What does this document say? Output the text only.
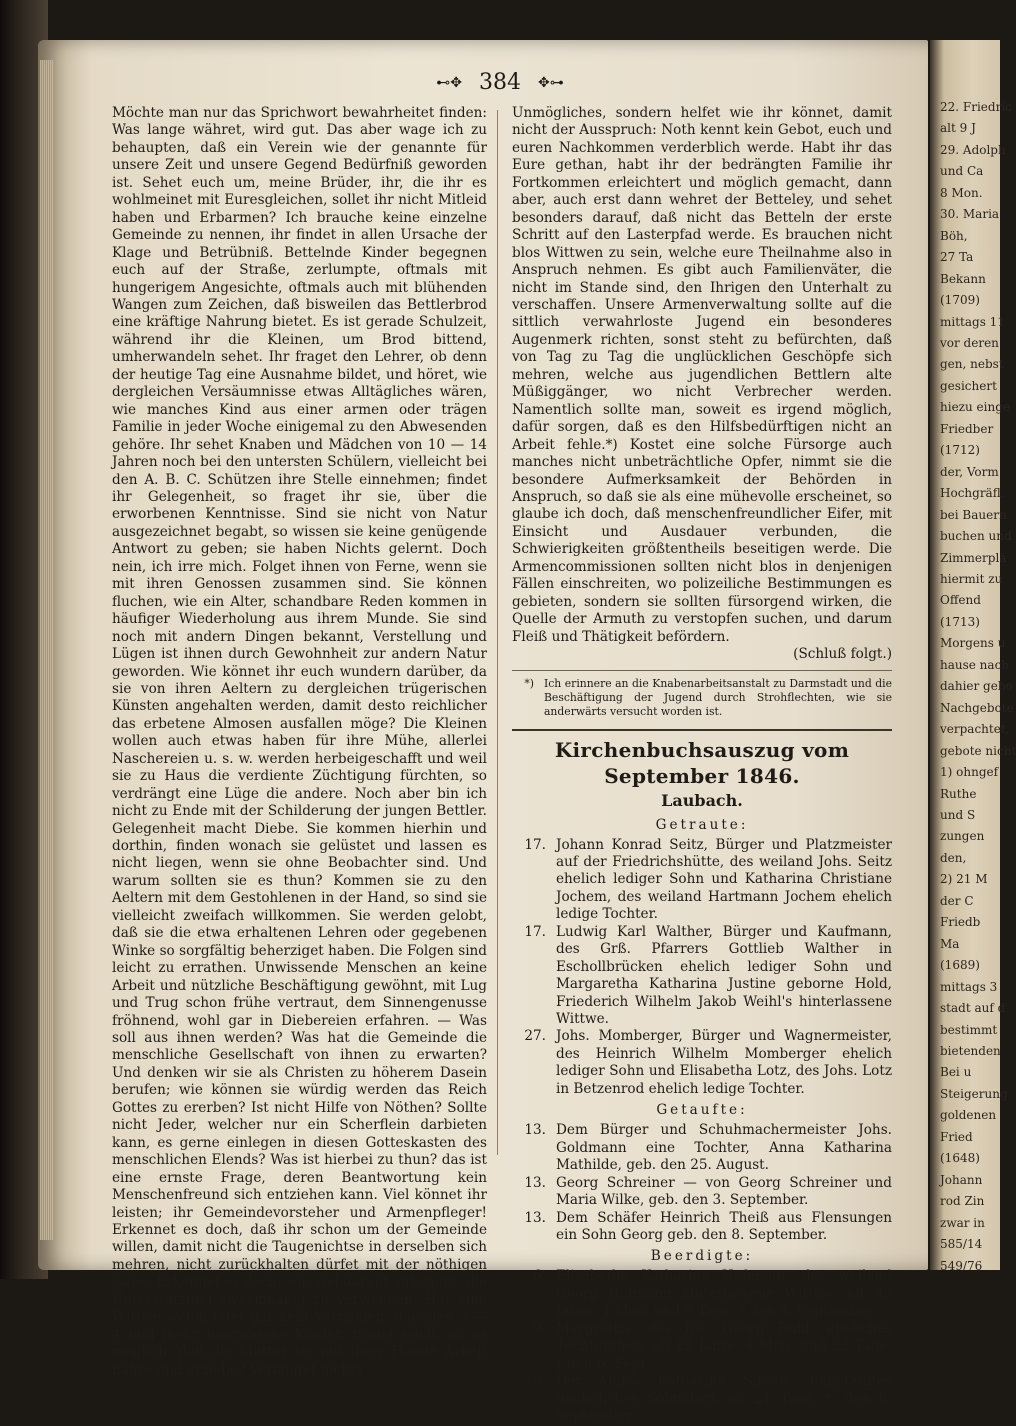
⊷✥ 384 ✥⊶

Möchte man nur das Sprichwort bewahrheitet finden: Was lange währet, wird gut. Das aber wage ich zu behaupten, daß ein Verein wie der genannte für unsere Zeit und unsere Gegend Bedürfniß geworden ist. Sehet euch um, meine Brüder, ihr, die ihr es wohlmeinet mit Euresgleichen, sollet ihr nicht Mitleid haben und Erbarmen? Ich brauche keine einzelne Gemeinde zu nennen, ihr findet in allen Ursache der Klage und Betrübniß. Bettelnde Kinder begegnen euch auf der Straße, zerlumpte, oftmals mit hungerigem Angesichte, oftmals auch mit blühenden Wangen zum Zeichen, daß bisweilen das Bettlerbrod eine kräftige Nahrung bietet. Es ist gerade Schulzeit, während ihr die Kleinen, um Brod bittend, umherwandeln sehet. Ihr fraget den Lehrer, ob denn der heutige Tag eine Ausnahme bildet, und höret, wie dergleichen Versäumnisse etwas Alltägliches wären, wie manches Kind aus einer armen oder trägen Familie in jeder Woche einigemal zu den Abwesenden gehöre. Ihr sehet Knaben und Mädchen von 10 — 14 Jahren noch bei den untersten Schülern, vielleicht bei den A. B. C. Schützen ihre Stelle einnehmen; findet ihr Gelegenheit, so fraget ihr sie, über die erworbenen Kenntnisse. Sind sie nicht von Natur ausgezeichnet begabt, so wissen sie keine genügende Antwort zu geben; sie haben Nichts gelernt. Doch nein, ich irre mich. Folget ihnen von Ferne, wenn sie mit ihren Genossen zusammen sind. Sie können fluchen, wie ein Alter, schandbare Reden kommen in häufiger Wiederholung aus ihrem Munde. Sie sind noch mit andern Dingen bekannt, Verstellung und Lügen ist ihnen durch Gewohnheit zur andern Natur geworden. Wie könnet ihr euch wundern darüber, da sie von ihren Aeltern zu dergleichen trügerischen Künsten angehalten werden, damit desto reichlicher das erbetene Almosen ausfallen möge? Die Kleinen wollen auch etwas haben für ihre Mühe, allerlei Naschereien u. s. w. werden herbeigeschafft und weil sie zu Haus die verdiente Züchtigung fürchten, so verdrängt eine Lüge die andere. Noch aber bin ich nicht zu Ende mit der Schilderung der jungen Bettler. Gelegenheit macht Diebe. Sie kommen hierhin und dorthin, finden wonach sie gelüstet und lassen es nicht liegen, wenn sie ohne Beobachter sind. Und warum sollten sie es thun? Kommen sie zu den Aeltern mit dem Gestohlenen in der Hand, so sind sie vielleicht zweifach willkommen. Sie werden gelobt, daß sie die etwa erhaltenen Lehren oder gegebenen Winke so sorgfältig beherziget haben. Die Folgen sind leicht zu errathen. Unwissende Menschen an keine Arbeit und nützliche Beschäftigung gewöhnt, mit Lug und Trug schon frühe vertraut, dem Sinnengenusse fröhnend, wohl gar in Diebereien erfahren. — Was soll aus ihnen werden? Was hat die Gemeinde die menschliche Gesellschaft von ihnen zu erwarten? Und denken wir sie als Christen zu höherem Dasein berufen; wie können sie würdig werden das Reich Gottes zu ererben? Ist nicht Hilfe von Nöthen? Sollte nicht Jeder, welcher nur ein Scherflein darbieten kann, es gerne einlegen in diesen Gotteskasten des menschlichen Elends? Was ist hierbei zu thun? das ist eine ernste Frage, deren Beantwortung kein Menschenfreund sich entziehen kann. Viel könnet ihr leisten; ihr Gemeindevorsteher und Armenpfleger! Erkennet es doch, daß ihr schon um der Gemeinde willen, damit nicht die Taugenichtse in derselben sich mehren, nicht zurückhalten dürfet mit der nöthigen Gabe. Erkennet es doch, wie viel darauf ankommt, die Unterstützung zweckmäßig zu verwenden. Hat eine Wittwe wenig oder gar kein Vermögen, dagegen 3 — 4 und mehr unerzogene Kinder, fraget euch, ist es möglich, daß die Mutter sie mit ihrer Hände Arbeit nähre und erziehe? Verlanget nichts

Unmögliches, sondern helfet wie ihr könnet, damit nicht der Ausspruch: Noth kennt kein Gebot, euch und euren Nachkommen verderblich werde. Habt ihr das Eure gethan, habt ihr der bedrängten Familie ihr Fortkommen erleichtert und möglich gemacht, dann aber, auch erst dann wehret der Betteley, und sehet besonders darauf, daß nicht das Betteln der erste Schritt auf den Lasterpfad werde. Es brauchen nicht blos Wittwen zu sein, welche eure Theilnahme also in Anspruch nehmen. Es gibt auch Familienväter, die nicht im Stande sind, den Ihrigen den Unterhalt zu verschaffen. Unsere Armenverwaltung sollte auf die sittlich verwahrloste Jugend ein besonderes Augenmerk richten, sonst steht zu befürchten, daß von Tag zu Tag die unglücklichen Geschöpfe sich mehren, welche aus jugendlichen Bettlern alte Müßiggänger, wo nicht Verbrecher werden. Namentlich sollte man, soweit es irgend möglich, dafür sorgen, daß es den Hilfsbedürftigen nicht an Arbeit fehle.*) Kostet eine solche Fürsorge auch manches nicht unbeträchtliche Opfer, nimmt sie die besondere Aufmerksamkeit der Behörden in Anspruch, so daß sie als eine mühevolle erscheinet, so glaube ich doch, daß menschenfreundlicher Eifer, mit Einsicht und Ausdauer verbunden, die Schwierigkeiten größtentheils beseitigen werde. Die Armencommissionen sollten nicht blos in denjenigen Fällen einschreiten, wo polizeiliche Bestimmungen es gebieten, sondern sie sollten fürsorgend wirken, die Quelle der Armuth zu verstopfen suchen, und darum Fleiß und Thätigkeit befördern.

(Schluß folgt.)

*) Ich erinnere an die Knabenarbeitsanstalt zu Darmstadt und die Beschäftigung der Jugend durch Strohflechten, wie sie anderwärts versucht worden ist.
Kirchenbuchsauszug vom September 1846.
Laubach.
Getraute:
17. Johann Konrad Seitz, Bürger und Platzmeister auf der Friedrichshütte, des weiland Johs. Seitz ehelich lediger Sohn und Katharina Christiane Jochem, des weiland Hartmann Jochem ehelich ledige Tochter.
17. Ludwig Karl Walther, Bürger und Kaufmann, des Grß. Pfarrers Gottlieb Walther in Eschollbrücken ehelich lediger Sohn und Margaretha Katharina Justine geborne Hold, Friederich Wilhelm Jakob Weihl's hinterlassene Wittwe.
27. Johs. Momberger, Bürger und Wagnermeister, des Heinrich Wilhelm Momberger ehelich lediger Sohn und Elisabetha Lotz, des Johs. Lotz in Betzenrod ehelich ledige Tochter.
Getaufte:
13. Dem Bürger und Schuhmachermeister Johs. Goldmann eine Tochter, Anna Katharina Mathilde, geb. den 25. August.
13. Georg Schreiner — von Georg Schreiner und Maria Wilke, geb. den 3. September.
13. Dem Schäfer Heinrich Theiß aus Flensungen ein Sohn Georg geb. den 8. September.
Beerdigte:
6. Elisabethe Katharina Hofmann, des weiland Georg Hofmann hinterlassene Wittwe, alt 43 Jahre, 4 Mon. und 9 Tage, † den 4. September.
9. Margretha, des Jos. Georg Rühl, eheliches Töchterchen, alt 12 Jahre, 4 Mon. und 22 Tage, † den 6. Sept.
10. Der Maria Katharina Sireau, ungetauftes uneheliches Söhnchen, alt 21 Tage, † den 8. September.
22. Friedric
alt 9 J
29. Adolph
und Ca
8 Mon.
30. Maria
Böh,
27 Ta
Bekann
(1709)
mittags 11
vor deren
gen, nebst
gesichert
hiezu einge
Friedber
(1712)
der, Vorm
Hochgräfl.
bei Bauern
buchen und
Zimmerplä
hiermit zu
Offend
(1713)
Morgens u
hause nach
dahier gebo
Nachgebote
verpachtet,
gebote nicht
1) ohngef
Ruthe
und S
zungen
den,
2) 21 M
der C
Friedb
Ma
(1689)
mittags 3
stadt auf d
bestimmt
bietenden
Bei u
Steigerung
goldenen
Fried
(1648)
Johann
rod Zin
zwar in
585/14
549/76
